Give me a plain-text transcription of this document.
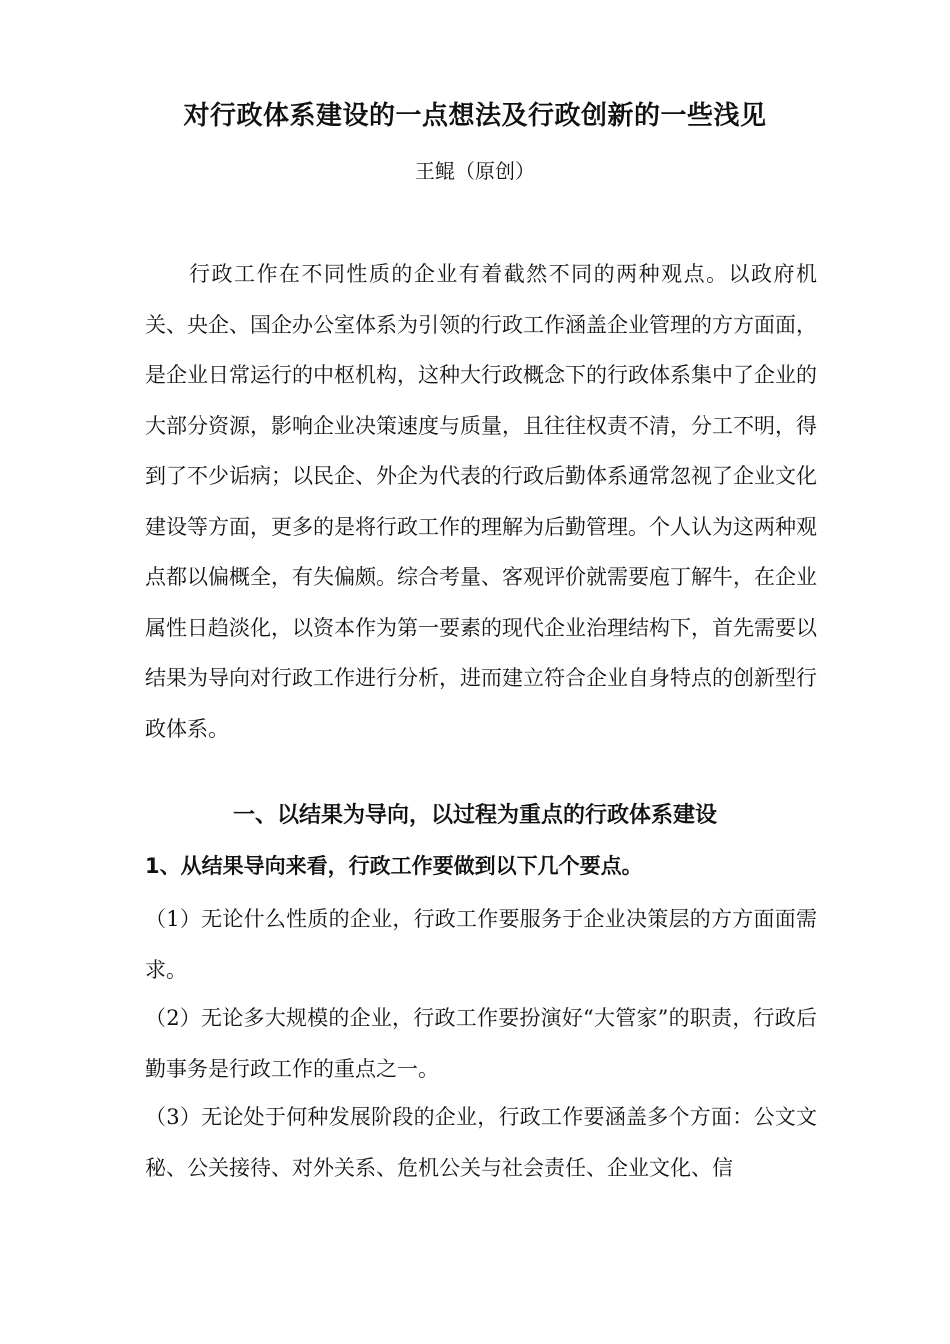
对行政体系建设的一点想法及行政创新的一些浅见
王鲲（原创）

行政工作在不同性质的企业有着截然不同的两种观点。以政府机关、央企、国企办公室体系为引领的行政工作涵盖企业管理的方方面面，是企业日常运行的中枢机构，这种大行政概念下的行政体系集中了企业的大部分资源，影响企业决策速度与质量，且往往权责不清，分工不明，得到了不少诟病；以民企、外企为代表的行政后勤体系通常忽视了企业文化建设等方面，更多的是将行政工作的理解为后勤管理。个人认为这两种观点都以偏概全，有失偏颇。综合考量、客观评价就需要庖丁解牛，在企业属性日趋淡化，以资本作为第一要素的现代企业治理结构下，首先需要以结果为导向对行政工作进行分析，进而建立符合企业自身特点的创新型行政体系。

一、以结果为导向，以过程为重点的行政体系建设
1、从结果导向来看，行政工作要做到以下几个要点。

（1）无论什么性质的企业，行政工作要服务于企业决策层的方方面面需求。

（2）无论多大规模的企业，行政工作要扮演好“大管家”的职责，行政后勤事务是行政工作的重点之一。

（3）无论处于何种发展阶段的企业，行政工作要涵盖多个方面：公文文秘、公关接待、对外关系、危机公关与社会责任、企业文化、信
